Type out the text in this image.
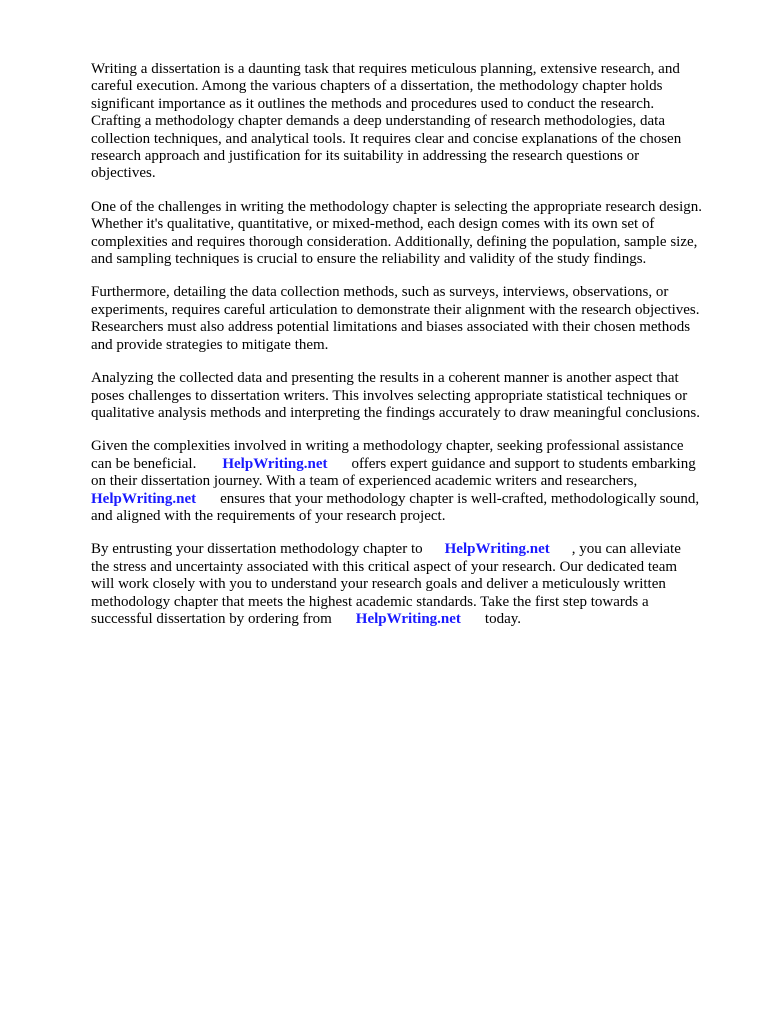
Writing a dissertation is a daunting task that requires meticulous planning, extensive research, and
careful execution. Among the various chapters of a dissertation, the methodology chapter holds
significant importance as it outlines the methods and procedures used to conduct the research.
Crafting a methodology chapter demands a deep understanding of research methodologies, data
collection techniques, and analytical tools. It requires clear and concise explanations of the chosen
research approach and justification for its suitability in addressing the research questions or
objectives.

One of the challenges in writing the methodology chapter is selecting the appropriate research design.
Whether it's qualitative, quantitative, or mixed-method, each design comes with its own set of
complexities and requires thorough consideration. Additionally, defining the population, sample size,
and sampling techniques is crucial to ensure the reliability and validity of the study findings.

Furthermore, detailing the data collection methods, such as surveys, interviews, observations, or
experiments, requires careful articulation to demonstrate their alignment with the research objectives.
Researchers must also address potential limitations and biases associated with their chosen methods
and provide strategies to mitigate them.

Analyzing the collected data and presenting the results in a coherent manner is another aspect that
poses challenges to dissertation writers. This involves selecting appropriate statistical techniques or
qualitative analysis methods and interpreting the findings accurately to draw meaningful conclusions.

Given the complexities involved in writing a methodology chapter, seeking professional assistance
can be beneficial. HelpWriting.net offers expert guidance and support to students embarking
on their dissertation journey. With a team of experienced academic writers and researchers,
HelpWriting.net ensures that your methodology chapter is well-crafted, methodologically sound,
and aligned with the requirements of your research project.

By entrusting your dissertation methodology chapter to HelpWriting.net , you can alleviate
the stress and uncertainty associated with this critical aspect of your research. Our dedicated team
will work closely with you to understand your research goals and deliver a meticulously written
methodology chapter that meets the highest academic standards. Take the first step towards a
successful dissertation by ordering from HelpWriting.net today.
